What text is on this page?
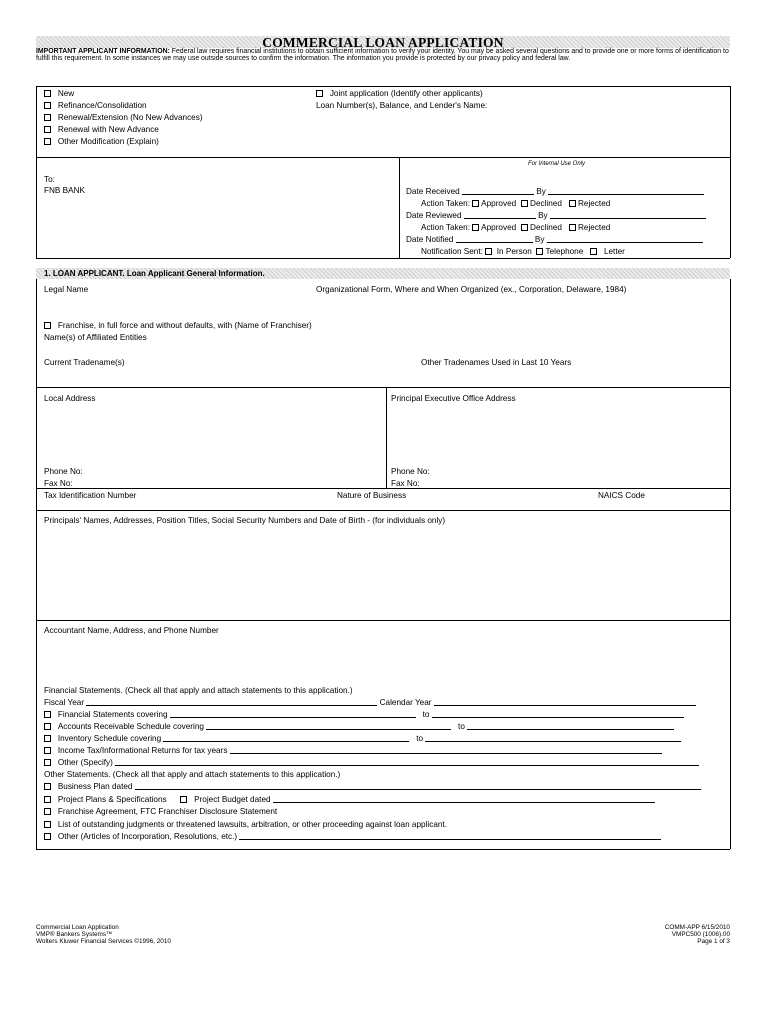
COMMERCIAL LOAN APPLICATION
IMPORTANT APPLICANT INFORMATION: Federal law requires financial institutions to obtain sufficient information to verify your identity. You may be asked several questions and to provide one or more forms of identification to fulfill this requirement. In some instances we may use outside sources to confirm the information. The information you provide is protected by our privacy policy and federal law.
New
Refinance/Consolidation
Renewal/Extension (No New Advances)
Renewal with New Advance
Other Modification (Explain)
Joint application (Identify other applicants)
Loan Number(s), Balance, and Lender's Name:
To:
FNB BANK
For Internal Use Only
Date Received	By
Action Taken: Approved Declined Rejected
Date Reviewed	By
Action Taken: Approved Declined Rejected
Date Notified	By
Notification Sent: In Person Telephone	Letter
1. LOAN APPLICANT. Loan Applicant General Information.
Legal Name	Organizational Form, Where and When Organized (ex., Corporation, Delaware, 1984)
Franchise, in full force and without defaults, with (Name of Franchiser)
Name(s) of Affiliated Entities
Current Tradename(s)	Other Tradenames Used in Last 10 Years
Local Address	Principal Executive Office Address
Phone No:	Phone No:
Fax No:	Fax No:
Tax Identification Number	Nature of Business	NAICS Code
Principals' Names, Addresses, Position Titles, Social Security Numbers and Date of Birth - (for individuals only)
Accountant Name, Address, and Phone Number
Financial Statements. (Check all that apply and attach statements to this application.)
Fiscal Year	Calendar Year
Financial Statements covering	to
Accounts Receivable Schedule covering	to
Inventory Schedule covering	to
Income Tax/Informational Returns for tax years
Other (Specify)
Other Statements. (Check all that apply and attach statements to this application.)
Business Plan dated
Project Plans & Specifications	Project Budget dated
Franchise Agreement, FTC Franchiser Disclosure Statement
List of outstanding judgments or threatened lawsuits, arbitration, or other proceeding against loan applicant.
Other (Articles of Incorporation, Resolutions, etc.)
Commercial Loan Application
VMP® Bankers Systems™
Wolters Kluwer Financial Services ©1996, 2010
COMM-APP 6/15/2010
VMPC500 (1006).00
Page 1 of 3
